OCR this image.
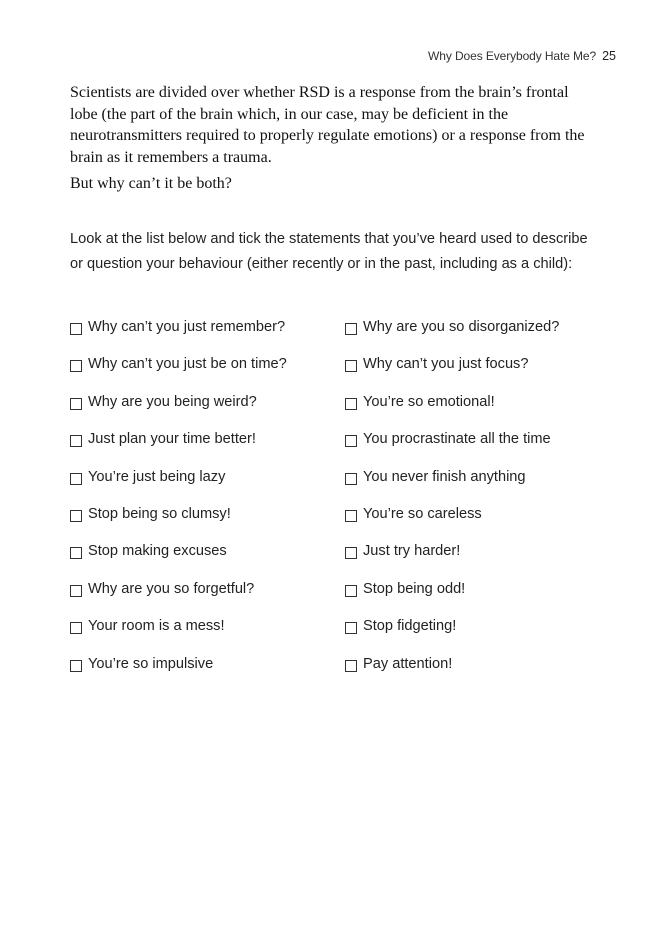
Why Does Everybody Hate Me? 25

Scientists are divided over whether RSD is a response from the brain’s frontal lobe (the part of the brain which, in our case, may be deficient in the neurotransmitters required to properly regulate emotions) or a response from the brain as it remembers a trauma.

But why can’t it be both?

Look at the list below and tick the statements that you’ve heard used to describe or question your behaviour (either recently or in the past, including as a child):

Why can’t you just remember?
Why can’t you just be on time?
Why are you being weird?
Just plan your time better!
You’re just being lazy
Stop being so clumsy!
Stop making excuses
Why are you so forgetful?
Your room is a mess!
You’re so impulsive
Why are you so disorganized?
Why can’t you just focus?
You’re so emotional!
You procrastinate all the time
You never finish anything
You’re so careless
Just try harder!
Stop being odd!
Stop fidgeting!
Pay attention!
